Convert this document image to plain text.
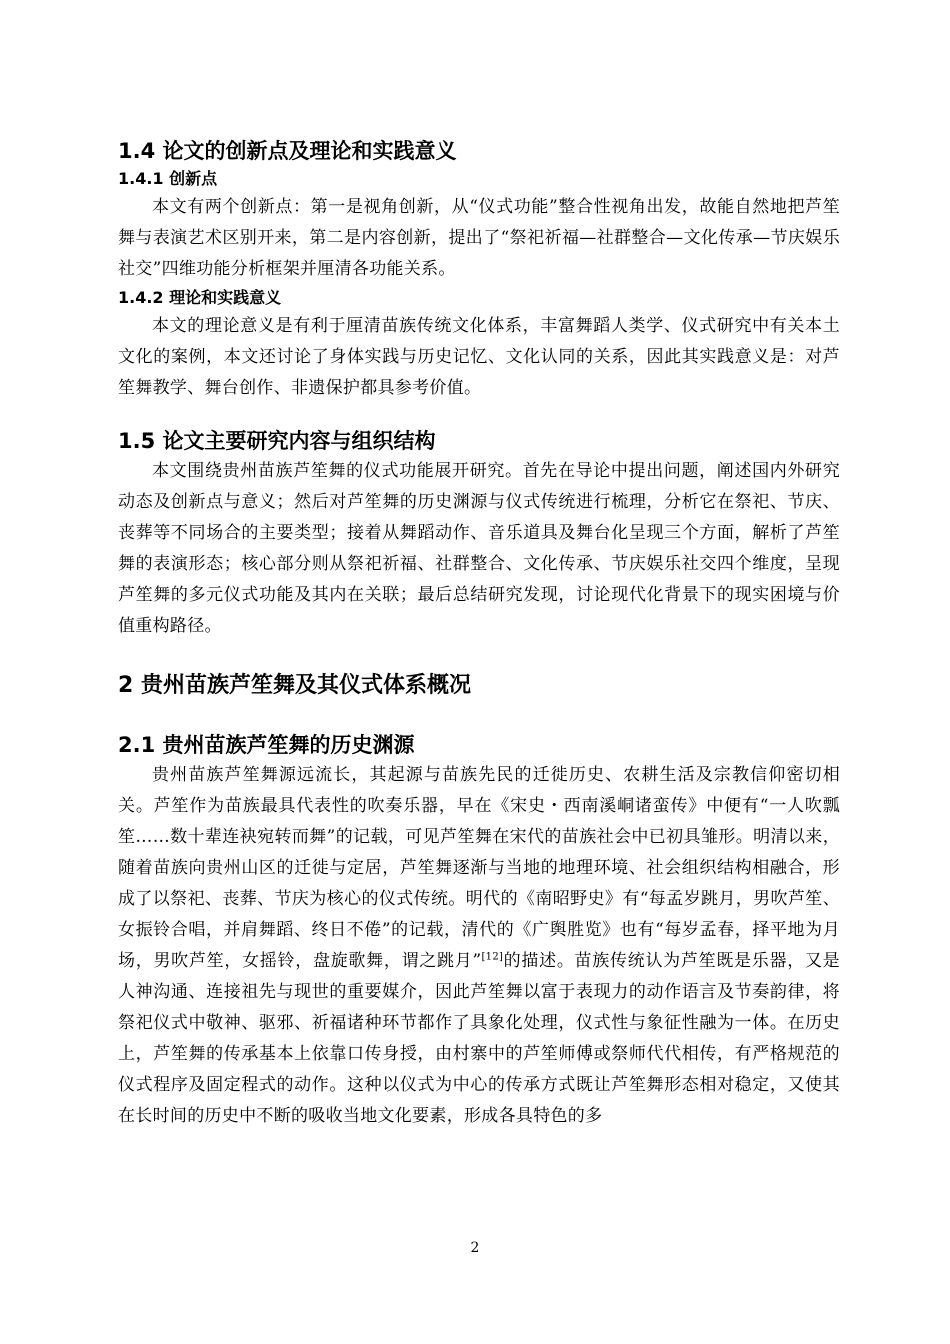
1.4 论文的创新点及理论和实践意义
1.4.1 创新点

本文有两个创新点：第一是视角创新，从“仪式功能”整合性视角出发，故能自然地把芦笙舞与表演艺术区别开来，第二是内容创新，提出了“祭祀祈福—社群整合—文化传承—节庆娱乐社交”四维功能分析框架并厘清各功能关系。

1.4.2 理论和实践意义

本文的理论意义是有利于厘清苗族传统文化体系，丰富舞蹈人类学、仪式研究中有关本土文化的案例，本文还讨论了身体实践与历史记忆、文化认同的关系，因此其实践意义是：对芦笙舞教学、舞台创作、非遗保护都具参考价值。

1.5 论文主要研究内容与组织结构

本文围绕贵州苗族芦笙舞的仪式功能展开研究。首先在导论中提出问题，阐述国内外研究动态及创新点与意义；然后对芦笙舞的历史渊源与仪式传统进行梳理，分析它在祭祀、节庆、丧葬等不同场合的主要类型；接着从舞蹈动作、音乐道具及舞台化呈现三个方面，解析了芦笙舞的表演形态；核心部分则从祭祀祈福、社群整合、文化传承、节庆娱乐社交四个维度，呈现芦笙舞的多元仪式功能及其内在关联；最后总结研究发现，讨论现代化背景下的现实困境与价值重构路径。

2 贵州苗族芦笙舞及其仪式体系概况
2.1 贵州苗族芦笙舞的历史渊源

贵州苗族芦笙舞源远流长，其起源与苗族先民的迁徙历史、农耕生活及宗教信仰密切相关。芦笙作为苗族最具代表性的吹奏乐器，早在《宋史・西南溪峒诸蛮传》中便有“一人吹瓢笙……数十辈连袂宛转而舞”的记载，可见芦笙舞在宋代的苗族社会中已初具雏形。明清以来，随着苗族向贵州山区的迁徙与定居，芦笙舞逐渐与当地的地理环境、社会组织结构相融合，形成了以祭祀、丧葬、节庆为核心的仪式传统。明代的《南昭野史》有“每孟岁跳月，男吹芦笙、女振铃合唱，并肩舞蹈、终日不倦”的记载，清代的《广舆胜览》也有“每岁孟春，择平地为月场，男吹芦笙，女摇铃，盘旋歌舞，谓之跳月”[12]的描述。苗族传统认为芦笙既是乐器，又是人神沟通、连接祖先与现世的重要媒介，因此芦笙舞以富于表现力的动作语言及节奏韵律，将祭祀仪式中敬神、驱邪、祈福诸种环节都作了具象化处理，仪式性与象征性融为一体。在历史上，芦笙舞的传承基本上依靠口传身授，由村寨中的芦笙师傅或祭师代代相传，有严格规范的仪式程序及固定程式的动作。这种以仪式为中心的传承方式既让芦笙舞形态相对稳定，又使其在长时间的历史中不断的吸收当地文化要素，形成各具特色的多

2
